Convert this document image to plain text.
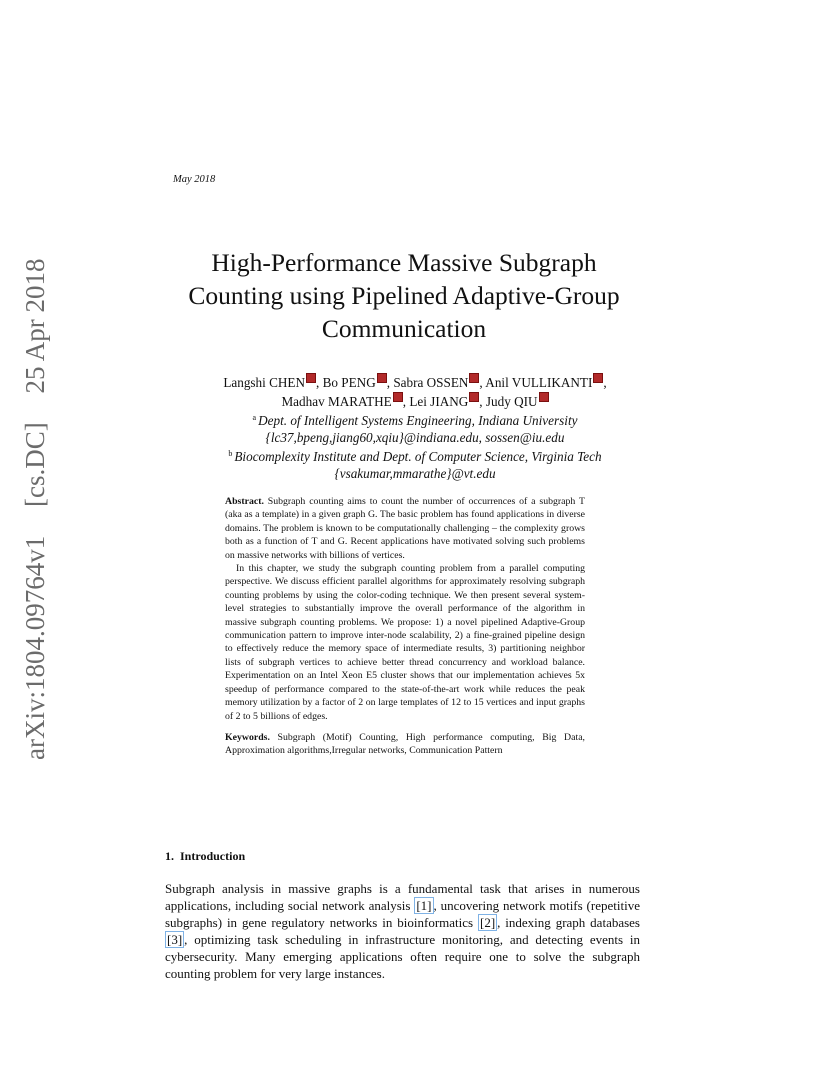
arXiv:1804.09764v1 [cs.DC] 25 Apr 2018
May 2018
High-Performance Massive Subgraph
Counting using Pipelined Adaptive-Group
Communication
Langshi CHEN , Bo PENG , Sabra OSSEN , Anil VULLIKANTI ,
Madhav MARATHE , Lei JIANG , Judy QIU
$^a$ Dept. of Intelligent Systems Engineering, Indiana University
{lc37,bpeng,jiang60,xqiu}@indiana.edu, sossen@iu.edu
$^b$ Biocomplexity Institute and Dept. of Computer Science, Virginia Tech
{vsakumar,mmarathe}@vt.edu

Abstract. Subgraph counting aims to count the number of occurrences of a subgraph T (aka as a template) in a given graph G. The basic problem has found applications in diverse domains. The problem is known to be computationally challenging – the complexity grows both as a function of T and G. Recent applications have motivated solving such problems on massive networks with billions of vertices.

In this chapter, we study the subgraph counting problem from a parallel computing perspective. We discuss efficient parallel algorithms for approximately resolving subgraph counting problems by using the color-coding technique. We then present several system-level strategies to substantially improve the overall performance of the algorithm in massive subgraph counting problems. We propose: 1) a novel pipelined Adaptive-Group communication pattern to improve inter-node scalability, 2) a fine-grained pipeline design to effectively reduce the memory space of intermediate results, 3) partitioning neighbor lists of subgraph vertices to achieve better thread concurrency and workload balance. Experimentation on an Intel Xeon E5 cluster shows that our implementation achieves 5x speedup of performance compared to the state-of-the-art work while reduces the peak memory utilization by a factor of 2 on large templates of 12 to 15 vertices and input graphs of 2 to 5 billions of edges.

Keywords. Subgraph (Motif) Counting, High performance computing, Big Data, Approximation algorithms,Irregular networks, Communication Pattern

1. Introduction

Subgraph analysis in massive graphs is a fundamental task that arises in numerous applications, including social network analysis [1] , uncovering network motifs (repetitive subgraphs) in gene regulatory networks in bioinformatics [2] , indexing graph databases [3] , optimizing task scheduling in infrastructure monitoring, and detecting events in cybersecurity. Many emerging applications often require one to solve the subgraph counting problem for very large instances.
